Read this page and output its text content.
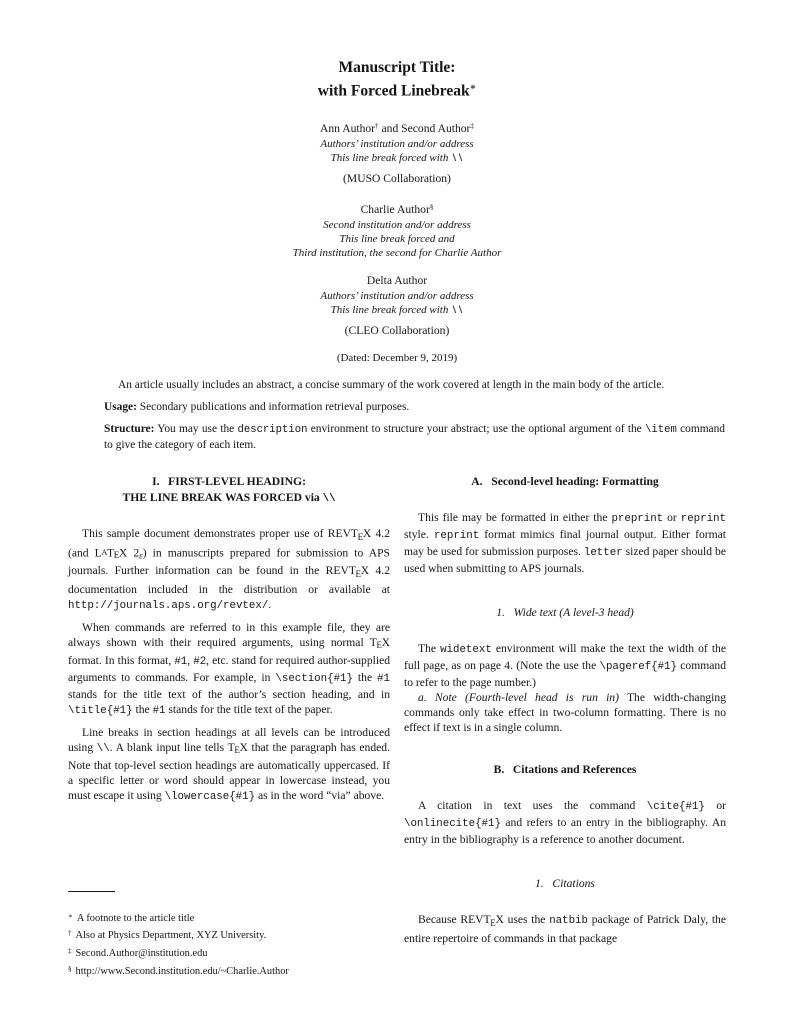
Manuscript Title:
with Forced Linebreak∗
Ann Author† and Second Author‡
Authors’ institution and/or address
This line break forced with \\
(MUSO Collaboration)
Charlie Author§
Second institution and/or address
This line break forced and
Third institution, the second for Charlie Author
Delta Author
Authors’ institution and/or address
This line break forced with \\
(CLEO Collaboration)
(Dated: December 9, 2019)
An article usually includes an abstract, a concise summary of the work covered at length in the main body of the article.
Usage: Secondary publications and information retrieval purposes.
Structure: You may use the description environment to structure your abstract; use the optional argument of the \item command to give the category of each item.
I.   FIRST-LEVEL HEADING:
THE LINE BREAK WAS FORCED via \\
This sample document demonstrates proper use of $REVT_EX$ 4.2 (and $LAT_EX$ 2ε) in manuscripts prepared for submission to APS journals. Further information can be found in the $REVT_EX$ 4.2 documentation included in the distribution or available at http://journals.aps.org/revtex/.
When commands are referred to in this example file, they are always shown with their required arguments, using normal $T_EX$ format. In this format, #1, #2, etc. stand for required author-supplied arguments to commands. For example, in \section{#1} the #1 stands for the title text of the author’s section heading, and in \title{#1} the #1 stands for the title text of the paper.
Line breaks in section headings at all levels can be introduced using \\. A blank input line tells $T_EX$ that the paragraph has ended. Note that top-level section headings are automatically uppercased. If a specific letter or word should appear in lowercase instead, you must escape it using \lowercase{#1} as in the word “via” above.
∗ A footnote to the article title
† Also at Physics Department, XYZ University.
‡ Second.Author@institution.edu
§ http://www.Second.institution.edu/~Charlie.Author
A.   Second-level heading: Formatting
This file may be formatted in either the preprint or reprint style. reprint format mimics final journal output. Either format may be used for submission purposes. letter sized paper should be used when submitting to APS journals.
1.   Wide text (A level-3 head)
The widetext environment will make the text the width of the full page, as on page 4. (Note the use the \pageref{#1} command to refer to the page number.)
a. Note (Fourth-level head is run in) The width-changing commands only take effect in two-column formatting. There is no effect if text is in a single column.
B.   Citations and References
A citation in text uses the command \cite{#1} or \onlinecite{#1} and refers to an entry in the bibliography. An entry in the bibliography is a reference to another document.
1.   Citations
Because $REVT_EX$ uses the natbib package of Patrick Daly, the entire repertoire of commands in that package
